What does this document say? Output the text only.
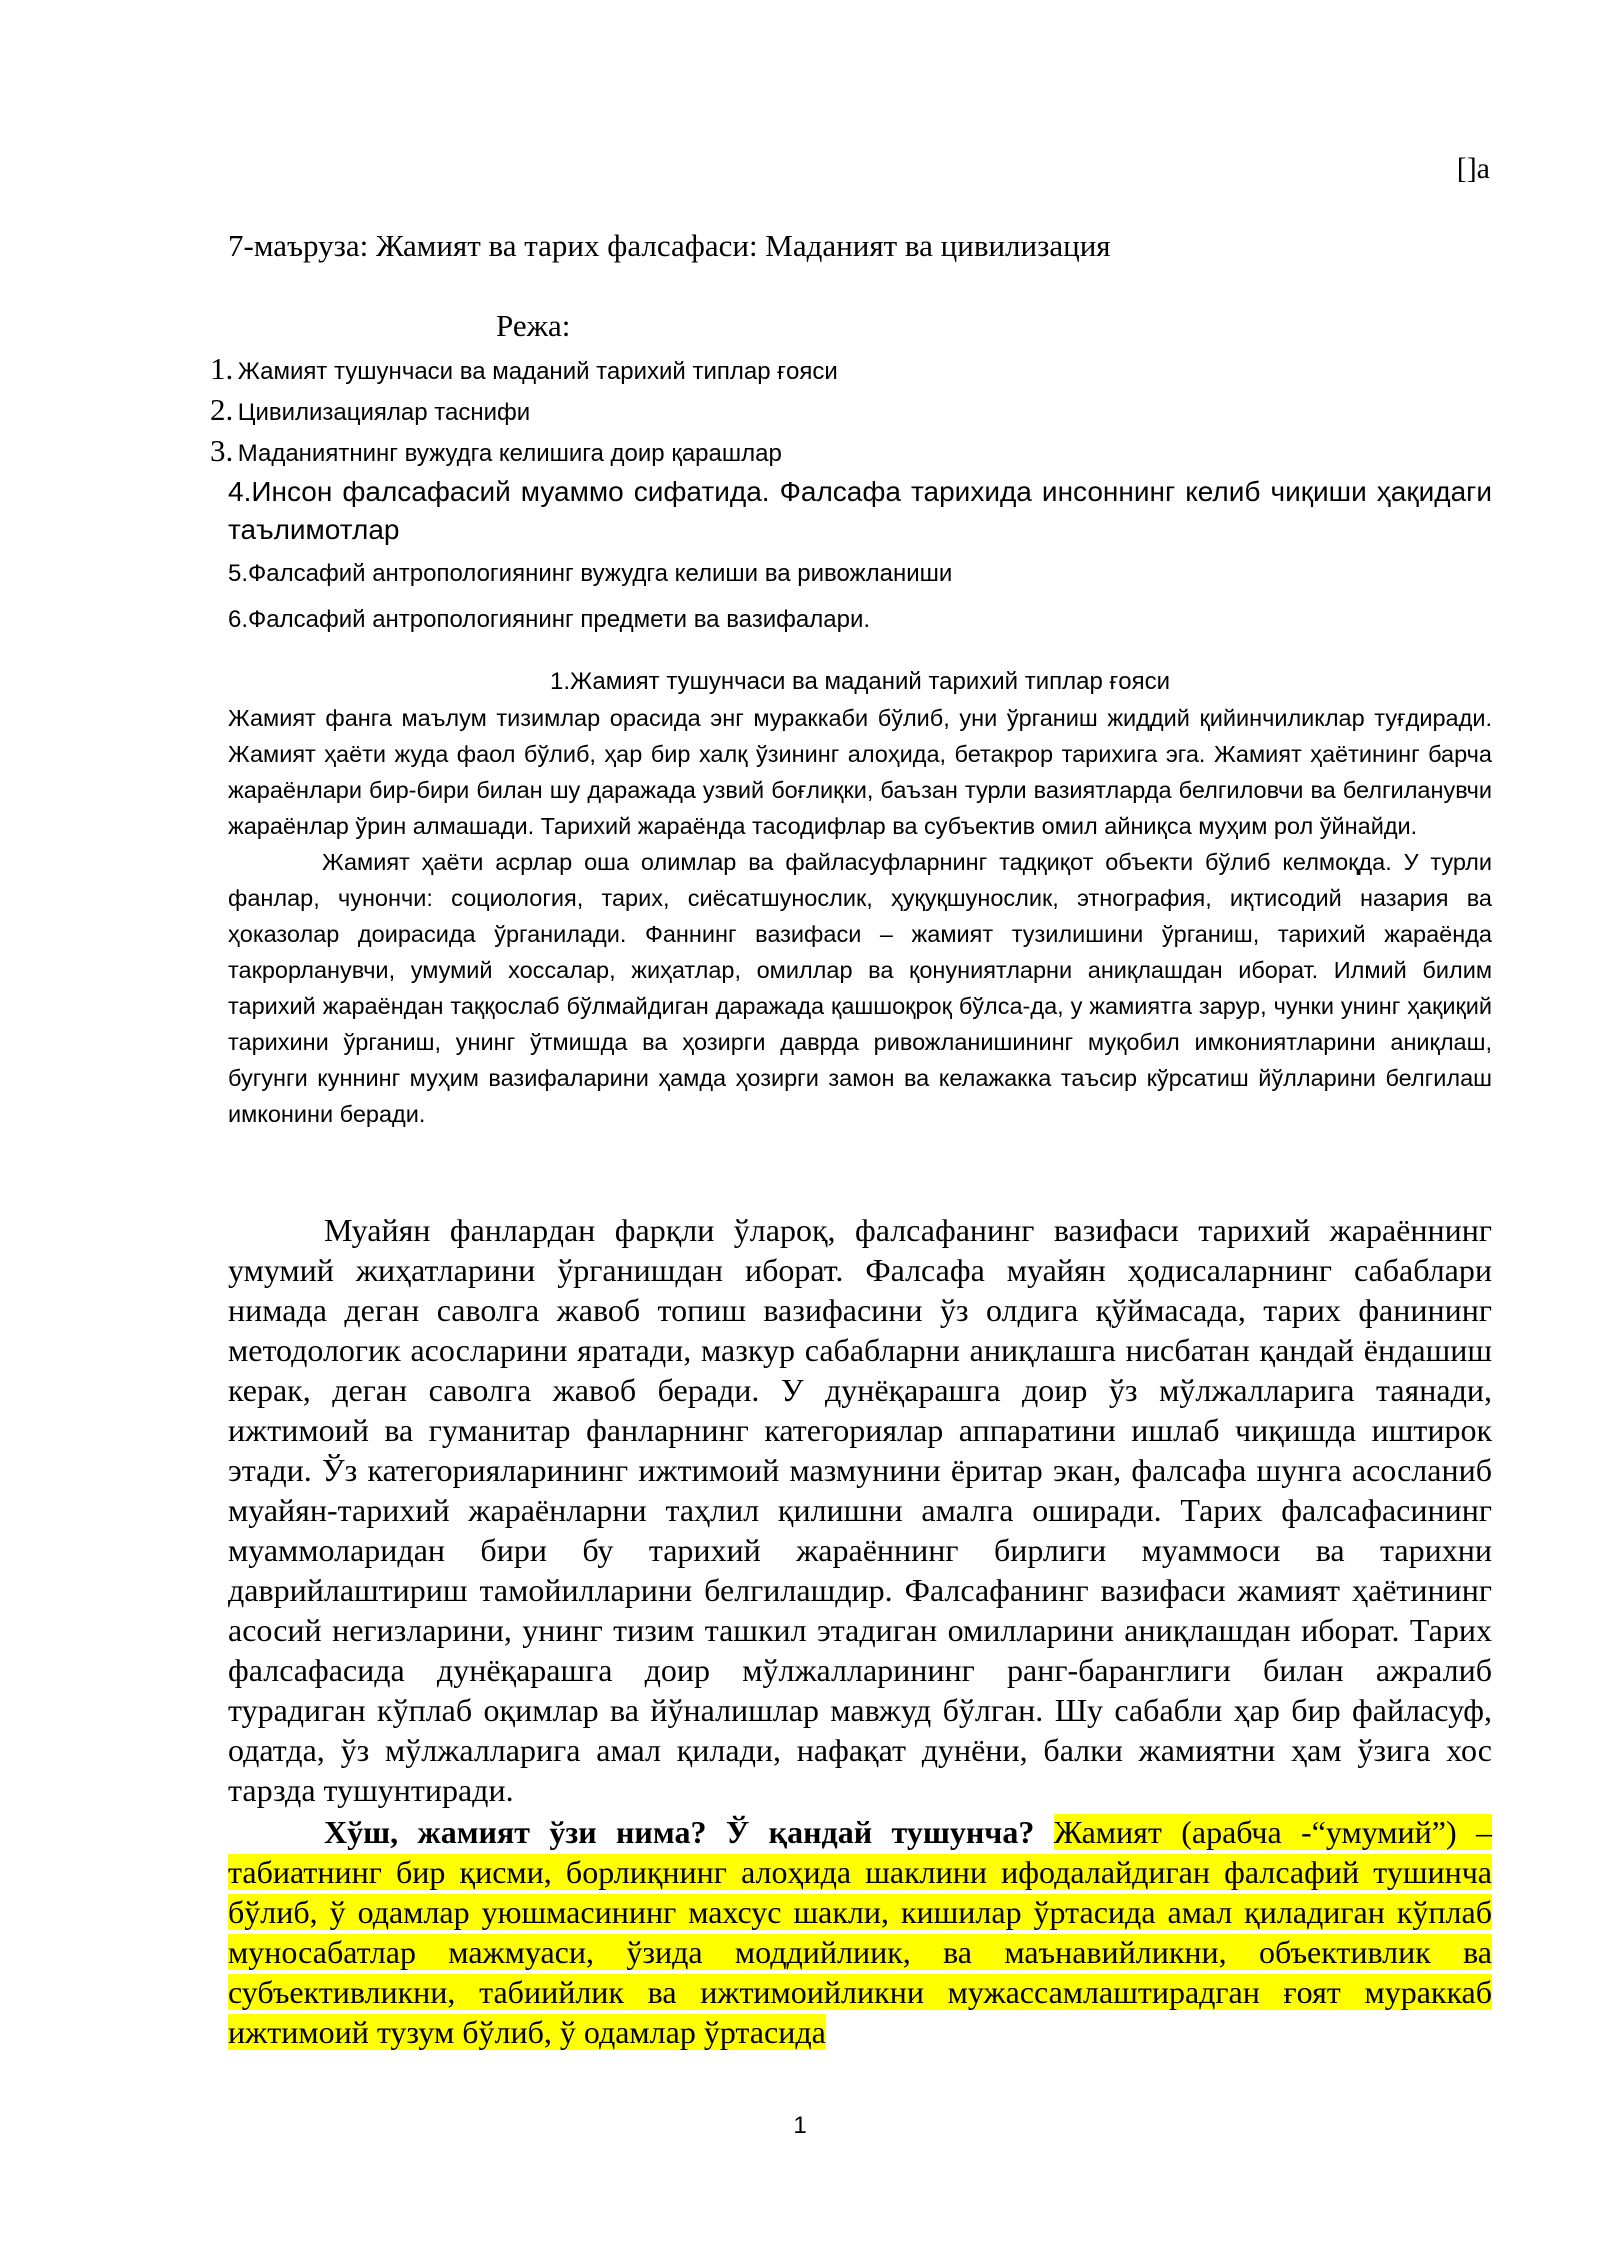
[]а
7-маърузa: Жамият ва тарих фалсафаси: Маданият ва цивилизация
Режа:
1. Жамият тушунчаси ва маданий тарихий типлар ғояси
2. Цивилизациялар таснифи
3. Маданиятнинг вужудга келишига доир қарашлар
4.Инсон фалсафасий муаммо сифатида. Фалсафа тарихида инсоннинг келиб чиқиши ҳақидаги таълимотлар
5.Фалсафий антропологиянинг вужудга келиши ва ривожланиши
6.Фалсафий антропологиянинг предмети ва вазифалари.
1.Жамият тушунчаси ва маданий тарихий типлар ғояси

Жамият фанга маълум тизимлар орасида энг мураккаби бўлиб, уни ўрганиш жиддий қийинчиликлар туғдиради. Жамият ҳаёти жуда фаол бўлиб, ҳар бир халқ ўзининг алоҳида, бетакрор тарихига эга. Жамият ҳаётининг барча жараёнлари бир-бири билан шу даражада узвий боғлиқки, баъзан турли вазиятларда белгиловчи ва белгиланувчи жараёнлар ўрин алмашади. Тарихий жараёнда тасодифлар ва субъектив омил айниқса муҳим рол ўйнайди.

Жамият ҳаёти асрлар оша олимлар ва файласуфларнинг тадқиқот объекти бўлиб келмоқда. У турли фанлар, чунончи: социология, тарих, сиёсатшунослик, ҳуқуқшунослик, этнография, иқтисодий назария ва ҳоказолар доирасида ўрганилади. Фаннинг вазифаси – жамият тузилишини ўрганиш, тарихий жараёнда такрорланувчи, умумий хоссалар, жиҳатлар, омиллар ва қонуниятларни аниқлашдан иборат. Илмий билим тарихий жараёндан таққослаб бўлмайдиган даражада қашшоқроқ бўлса-да, у жамиятга зарур, чунки унинг ҳақиқий тарихини ўрганиш, унинг ўтмишда ва ҳозирги даврда ривожланишининг муқобил имкониятларини аниқлаш, бугунги куннинг муҳим вазифаларини ҳамда ҳозирги замон ва келажакка таъсир кўрсатиш йўлларини белгилаш имконини беради.

Муайян фанлардан фарқли ўлароқ, фалсафанинг вазифаси тарихий жараённинг умумий жиҳатларини ўрганишдан иборат. Фалсафа муайян ҳодисаларнинг сабаблари нимада деган саволга жавоб топиш вазифасини ўз олдига қўймасада, тарих фанининг методологик асосларини яратади, мазкур сабабларни аниқлашга нисбатан қандай ёндашиш керак, деган саволга жавоб беради. У дунёқарашга доир ўз мўлжалларига таянади, ижтимоий ва гуманитар фанларнинг категориялар аппаратини ишлаб чиқишда иштирок этади. Ўз категорияларининг ижтимоий мазмунини ёритар экан, фалсафа шунга асосланиб муайян-тарихий жараёнларни таҳлил қилишни амалга оширади. Тарих фалсафасининг муаммоларидан бири бу тарихий жараённинг бирлиги муаммоси ва тарихни даврийлаштириш тамойилларини белгилашдир. Фалсафанинг вазифаси жамият ҳаётининг асосий негизларини, унинг тизим ташкил этадиган омилларини аниқлашдан иборат. Тарих фалсафасида дунёқарашга доир мўлжалларининг ранг-баранглиги билан ажралиб турадиган кўплаб оқимлар ва йўналишлар мавжуд бўлган. Шу сабабли ҳар бир файласуф, одатда, ўз мўлжалларига амал қилади, нафақат дунёни, балки жамиятни ҳам ўзига хос тарзда тушунтиради.

Хўш, жамият ўзи нима? Ў қандай тушунча? Жамият (арабча -“умумий”) – табиатнинг бир қисми, борлиқнинг алоҳида шаклини ифодалайдиган фалсафий тушинча бўлиб, ў одамлар уюшмасининг махсус шакли, кишилар ўртасида амал қиладиган кўплаб муносабатлар мажмуаси, ўзида моддийлиик, ва маънавийликни, объективлик ва субъективликни, табиийлик ва ижтимоийликни мужассамлаштирадган ғоят мураккаб ижтимоий тузум бўлиб, ў одамлар ўртасида

1
